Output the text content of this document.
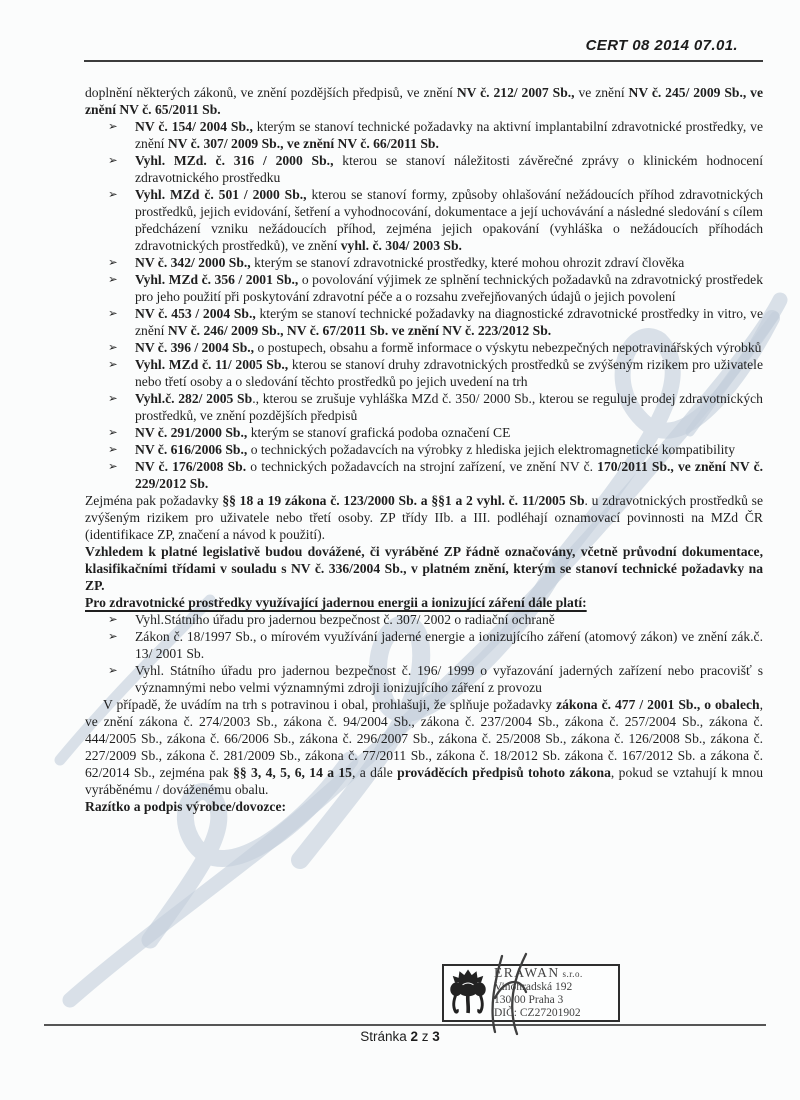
CERT 08 2014 07.01.

doplnění některých zákonů, ve znění pozdějších předpisů, ve znění NV č. 212/ 2007 Sb., ve znění NV č. 245/ 2009 Sb., ve znění NV č. 65/2011 Sb.

➢ NV č. 154/ 2004 Sb., kterým se stanoví technické požadavky na aktivní implantabilní zdravotnické prostředky, ve znění NV č. 307/ 2009 Sb., ve znění NV č. 66/2011 Sb.
➢ Vyhl. MZd. č. 316 / 2000 Sb., kterou se stanoví náležitosti závěrečné zprávy o klinickém hodnocení zdravotnického prostředku
➢ Vyhl. MZd č. 501 / 2000 Sb., kterou se stanoví formy, způsoby ohlašování nežádoucích příhod zdravotnických prostředků, jejich evidování, šetření a vyhodnocování, dokumentace a její uchovávání a následné sledování s cílem předcházení vzniku nežádoucích příhod, zejména jejich opakování (vyhláška o nežádoucích příhodách zdravotnických prostředků), ve znění vyhl. č. 304/ 2003 Sb.
➢ NV č. 342/ 2000 Sb., kterým se stanoví zdravotnické prostředky, které mohou ohrozit zdraví člověka
➢ Vyhl. MZd č. 356 / 2001 Sb., o povolování výjimek ze splnění technických požadavků na zdravotnický prostředek pro jeho použití při poskytování zdravotní péče a o rozsahu zveřejňovaných údajů o jejich povolení
➢ NV č. 453 / 2004 Sb., kterým se stanoví technické požadavky na diagnostické zdravotnické prostředky in vitro, ve znění NV č. 246/ 2009 Sb., NV č. 67/2011 Sb. ve znění NV č. 223/2012 Sb.
➢ NV č. 396 / 2004 Sb., o postupech, obsahu a formě informace o výskytu nebezpečných nepotravinářských výrobků
➢ Vyhl. MZd č. 11/ 2005 Sb., kterou se stanoví druhy zdravotnických prostředků se zvýšeným rizikem pro uživatele nebo třetí osoby a o sledování těchto prostředků po jejich uvedení na trh
➢ Vyhl.č. 282/ 2005 Sb., kterou se zrušuje vyhláška MZd č. 350/ 2000 Sb., kterou se reguluje prodej zdravotnických prostředků, ve znění pozdějších předpisů
➢ NV č. 291/2000 Sb., kterým se stanoví grafická podoba označení CE
➢ NV č. 616/2006 Sb., o technických požadavcích na výrobky z hlediska jejich elektromagnetické kompatibility
➢ NV č. 176/2008 Sb. o technických požadavcích na strojní zařízení, ve znění NV č. 170/2011 Sb., ve znění NV č. 229/2012 Sb.

Zejména pak požadavky §§ 18 a 19 zákona č. 123/2000 Sb. a §§1 a 2 vyhl. č. 11/2005 Sb. u zdravotnických prostředků se zvýšeným rizikem pro uživatele nebo třetí osoby. ZP třídy IIb. a III. podléhají oznamovací povinnosti na MZd ČR (identifikace ZP, značení a návod k použití).

Vzhledem k platné legislativě budou dovážené, či vyráběné ZP řádně označovány, včetně průvodní dokumentace, klasifikačními třídami v souladu s NV č. 336/2004 Sb., v platném znění, kterým se stanoví technické požadavky na ZP.

Pro zdravotnické prostředky využívající jadernou energii a ionizující záření dále platí:

➢ Vyhl.Státního úřadu pro jadernou bezpečnost č. 307/ 2002 o radiační ochraně
➢ Zákon č. 18/1997 Sb., o mírovém využívání jaderné energie a ionizujícího záření (atomový zákon) ve znění zák.č. 13/ 2001 Sb.
➢ Vyhl. Státního úřadu pro jadernou bezpečnost č. 196/ 1999 o vyřazování jaderných zařízení nebo pracovišť s významnými nebo velmi významnými zdroji ionizujícího záření z provozu

V případě, že uvádím na trh s potravinou i obal, prohlašuji, že splňuje požadavky zákona č. 477 / 2001 Sb., o obalech, ve znění zákona č. 274/2003 Sb., zákona č. 94/2004 Sb., zákona č. 237/2004 Sb., zákona č. 257/2004 Sb., zákona č. 444/2005 Sb., zákona č. 66/2006 Sb., zákona č. 296/2007 Sb., zákona č. 25/2008 Sb., zákona č. 126/2008 Sb., zákona č. 227/2009 Sb., zákona č. 281/2009 Sb., zákona č. 77/2011 Sb., zákona č. 18/2012 Sb. zákona č. 167/2012 Sb. a zákona č. 62/2014 Sb., zejména pak §§ 3, 4, 5, 6, 14 a 15, a dále prováděcích předpisů tohoto zákona, pokud se vztahují k mnou vyráběnému / dováženému obalu.

Razítko a podpis výrobce/dovozce:

ERAWAN s.r.o.
Vinohradská 192
130 00 Praha 3
DIČ: CZ27201902
Stránka 2 z 3
